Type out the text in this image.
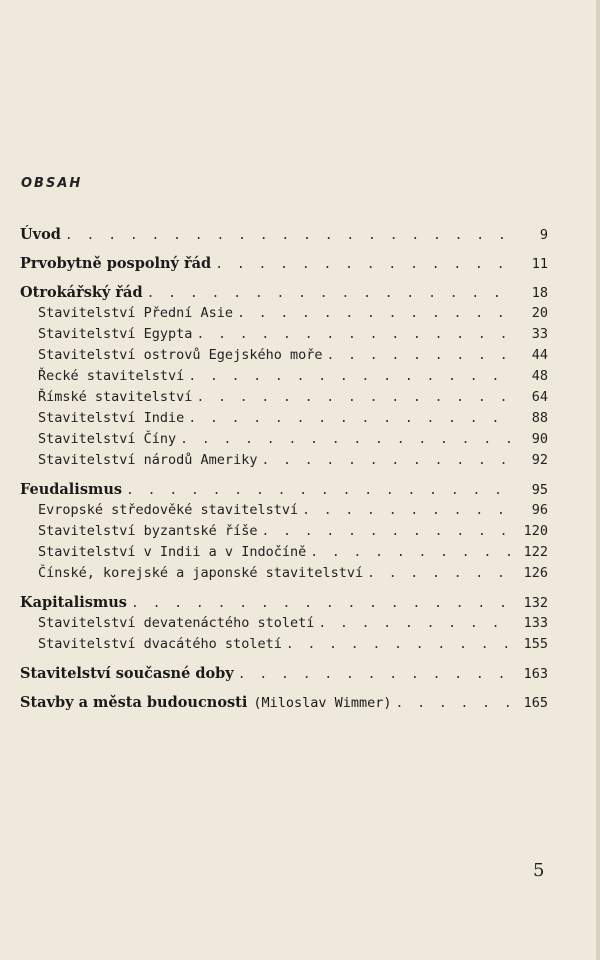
OBSAH
Úvod . . .	9
Prvobytně pospolný řád . . .	11
Otrokářský řád . . .	18
Stavitelství Přední Asie . . .	20
Stavitelství Egypta . . .	33
Stavitelství ostrovů Egejského moře . . .	44
Řecké stavitelství . . .	48
Římské stavitelství . . .	64
Stavitelství Indie . . .	88
Stavitelství Číny . . .	90
Stavitelství národů Ameriky . . .	92
Feudalismus . . .	95
Evropské středověké stavitelství . . .	96
Stavitelství byzantské říše . . .	120
Stavitelství v Indii a v Indočíně . . .	122
Čínské, korejské a japonské stavitelství . . .	126
Kapitalismus . . .	132
Stavitelství devatenáctého století . . .	133
Stavitelství dvacátého století . . .	155
Stavitelství současné doby . . .	163
Stavby a města budoucnosti (Miloslav Wimmer) . . .	165
5
